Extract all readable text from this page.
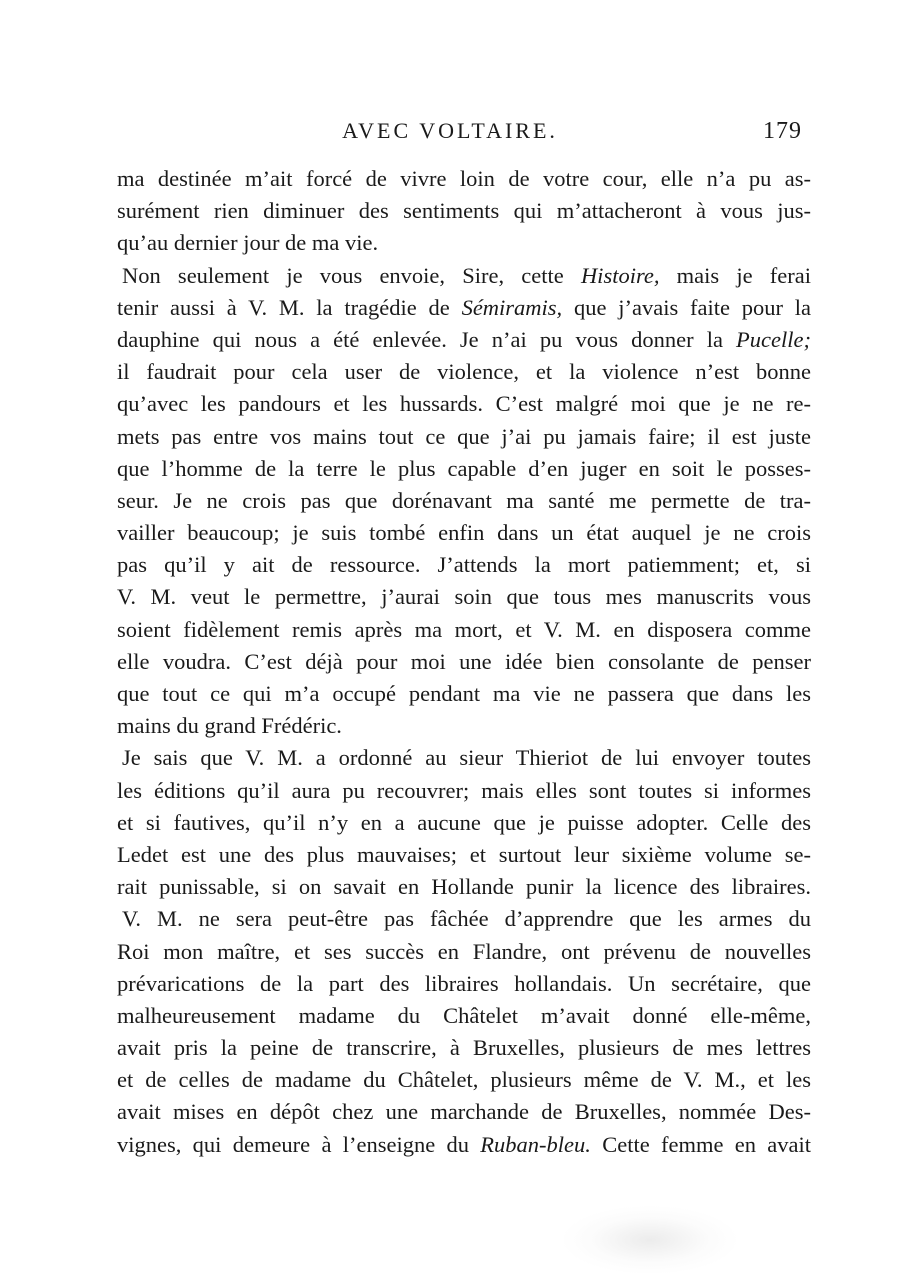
AVEC VOLTAIRE.	179
ma destinée m’ait forcé de vivre loin de votre cour, elle n’a pu as-
surément rien diminuer des sentiments qui m’attacheront à vous jus-
qu’au dernier jour de ma vie.
Non seulement je vous envoie, Sire, cette Histoire, mais je ferai
tenir aussi à V. M. la tragédie de Sémiramis, que j’avais faite pour la
dauphine qui nous a été enlevée. Je n’ai pu vous donner la Pucelle;
il faudrait pour cela user de violence, et la violence n’est bonne
qu’avec les pandours et les hussards. C’est malgré moi que je ne re-
mets pas entre vos mains tout ce que j’ai pu jamais faire; il est juste
que l’homme de la terre le plus capable d’en juger en soit le posses-
seur. Je ne crois pas que dorénavant ma santé me permette de tra-
vailler beaucoup; je suis tombé enfin dans un état auquel je ne crois
pas qu’il y ait de ressource. J’attends la mort patiemment; et, si
V. M. veut le permettre, j’aurai soin que tous mes manuscrits vous
soient fidèlement remis après ma mort, et V. M. en disposera comme
elle voudra. C’est déjà pour moi une idée bien consolante de penser
que tout ce qui m’a occupé pendant ma vie ne passera que dans les
mains du grand Frédéric.
Je sais que V. M. a ordonné au sieur Thieriot de lui envoyer toutes
les éditions qu’il aura pu recouvrer; mais elles sont toutes si informes
et si fautives, qu’il n’y en a aucune que je puisse adopter. Celle des
Ledet est une des plus mauvaises; et surtout leur sixième volume se-
rait punissable, si on savait en Hollande punir la licence des libraires.
V. M. ne sera peut-être pas fâchée d’apprendre que les armes du
Roi mon maître, et ses succès en Flandre, ont prévenu de nouvelles
prévarications de la part des libraires hollandais. Un secrétaire, que
malheureusement madame du Châtelet m’avait donné elle-même,
avait pris la peine de transcrire, à Bruxelles, plusieurs de mes lettres
et de celles de madame du Châtelet, plusieurs même de V. M., et les
avait mises en dépôt chez une marchande de Bruxelles, nommée Des-
vignes, qui demeure à l’enseigne du Ruban-bleu. Cette femme en avait
